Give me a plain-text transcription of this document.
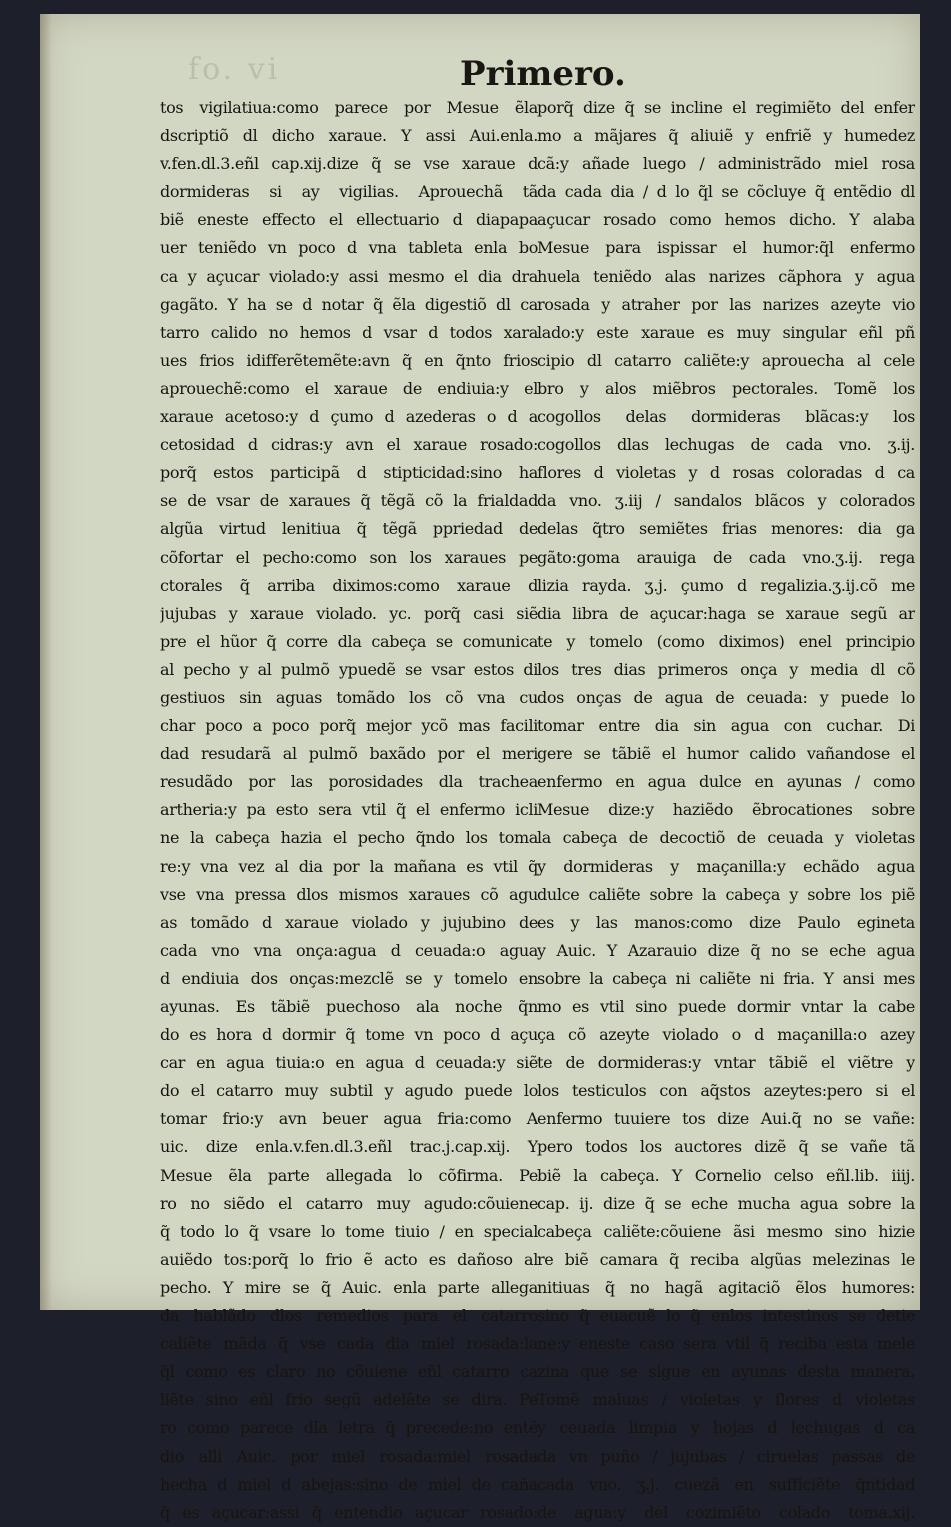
fo. vi	Primero.
tos vigilatiua:como parece por Mesue ẽla
dscriptiõ dl dicho xaraue. Y assi Aui.enla.
v.fen.dl.3.eñl cap.xij.dize q̃ se vse xaraue d
dormideras si ay vigilias. Aprouechã tã
biẽ eneste effecto el ellectuario d diapapa
uer teniẽdo vn poco d vna tableta enla bo
ca y açucar violado:y assi mesmo el dia dra
gagãto. Y ha se d notar q̃ ẽla digestiõ dl ca
tarro calido no hemos d vsar d todos xara
ues frios idifferẽtemẽte:avn q̃ en q̃nto frios
aprouechẽ:como el xaraue de endiuia:y el
xaraue acetoso:y d çumo d azederas o d a
cetosidad d cidras:y avn el xaraue rosado:
porq̃ estos participã d stipticidad:sino ha
se de vsar de xaraues q̃ tẽgã cõ la frialdad
algũa virtud lenitiua q̃ tẽgã ppriedad de
cõfortar el pecho:como son los xaraues pe
ctorales q̃ arriba diximos:como xaraue d
jujubas y xaraue violado. yc. porq̃ casi siẽ
pre el hũor q̃ corre dla cabeça se comunica
al pecho y al pulmõ ypuedẽ se vsar estos di
gestiuos sin aguas tomãdo los cõ vna cu
char poco a poco porq̃ mejor ycõ mas facili
dad resudarã al pulmõ baxãdo por el meri
resudãdo por las porosidades dla trachea
artheria:y pa esto sera vtil q̃ el enfermo icli
ne la cabeça hazia el pecho q̃ndo los toma
re:y vna vez al dia por la mañana es vtil q̃
vse vna pressa dlos mismos xaraues cõ agu
as tomãdo d xaraue violado y jujubino de
cada vno vna onça:agua d ceuada:o agua
d endiuia dos onças:mezclẽ se y tomelo en
ayunas. Es tãbiẽ puechoso ala noche q̃n
do es hora d dormir q̃ tome vn poco d açu
car en agua tiuia:o en agua d ceuada:y siẽ
do el catarro muy subtil y agudo puede lo
tomar frio:y avn beuer agua fria:como A
uic. dize enla.v.fen.dl.3.eñl trac.j.cap.xij. Y
Mesue ẽla parte allegada lo cõfirma. Pe
ro no siẽdo el catarro muy agudo:cõuiene
q̃ todo lo q̃ vsare lo tome tiuio / en special
auiẽdo tos:porq̃ lo frio ẽ acto es dañoso al
pecho. Y mire se q̃ Auic. enla parte allega
da hablãdo dlos remedios para el catarro
caliẽte mãda q̃ vse cada dia miel rosada:la
q̃l como es claro no cõuiene eñl catarro ca
liẽte sino eñl frio segũ adelãte se dira. Pe
ro como parece dla letra q̃ precede:no entẽ
dio alli Auic. por miel rosada:miel rosada
hecha d miel d abejas:sino de miel de caña
q̃ es açucar:assi q̃ entendio açucar rosado:
porq̃ dize q̃ se incline el regimiẽto del enfer
mo a mãjares q̃ aliuiẽ y enfriẽ y humedez
cã:y añade luego / administrãdo miel rosa
da cada dia / d lo q̃l se cõcluye q̃ entẽdio dl
açucar rosado como hemos dicho. Y alaba
Mesue para ispissar el humor:q̃l enfermo
huela teniẽdo alas narizes cãphora y agua
rosada y atraher por las narizes azeyte vio
lado:y este xaraue es muy singular eñl pñ
cipio dl catarro caliẽte:y aprouecha al cele
bro y alos miẽbros pectorales. Tomẽ los
cogollos delas dormideras blãcas:y los
cogollos dlas lechugas de cada vno. ʒ.ij.
flores d violetas y d rosas coloradas d ca
da vno. ʒ.iij / sandalos blãcos y colorados
delas q̃tro semiẽtes frias menores: dia ga
gãto:goma arauiga de cada vno.ʒ.ij. rega
lizia rayda. ʒ.j. çumo d regalizia.ʒ.ij.cõ me
dia libra de açucar:haga se xaraue segũ ar
te y tomelo (como diximos) enel principio
los tres dias primeros onça y media dl cõ
dos onças de agua de ceuada: y puede lo
tomar entre dia sin agua con cuchar. Di
gere se tãbiẽ el humor calido vañandose el
enfermo en agua dulce en ayunas / como
Mesue dize:y haziẽdo ẽbrocationes sobre
la cabeça de decoctiõ de ceuada y violetas
y dormideras y maçanilla:y echãdo agua
dulce caliẽte sobre la cabeça y sobre los piẽ
es y las manos:como dize Paulo egineta
y Auic. Y Azarauio dize q̃ no se eche agua
sobre la cabeça ni caliẽte ni fria. Y ansi mes
mo es vtil sino puede dormir vntar la cabe
ça cõ azeyte violado o d maçanilla:o azey
te de dormideras:y vntar tãbiẽ el viẽtre y
los testiculos con aq̃stos azeytes:pero si el
enfermo tuuiere tos dize Aui.q̃ no se vañe:
pero todos los auctores dizẽ q̃ se vañe tã
biẽ la cabeça. Y Cornelio celso eñl.lib. iiij.
cap. ij. dize q̃ se eche mucha agua sobre la
cabeça caliẽte:cõuiene ãsi mesmo sino hizie
re biẽ camara q̃ reciba algũas melezinas le
nitiuas q̃ no hagã agitaciõ ẽlos humores:
sino q̃ euacuẽ lo q̃ enlos intestinos se detie
ne:y eneste caso sera vtil q̃ reciba esta mele
zina que se sigue en ayunas desta manera.
Tomẽ maluas / violetas y flores d violetas
y ceuada limpia y hojas d lechugas d ca
da vn puño / jujubas / ciruelas passas de
cada vno. ʒ.j. cuezã en sufficiẽte q̃ntidad
de agua:y del cozimiẽto colado toma.xij.
